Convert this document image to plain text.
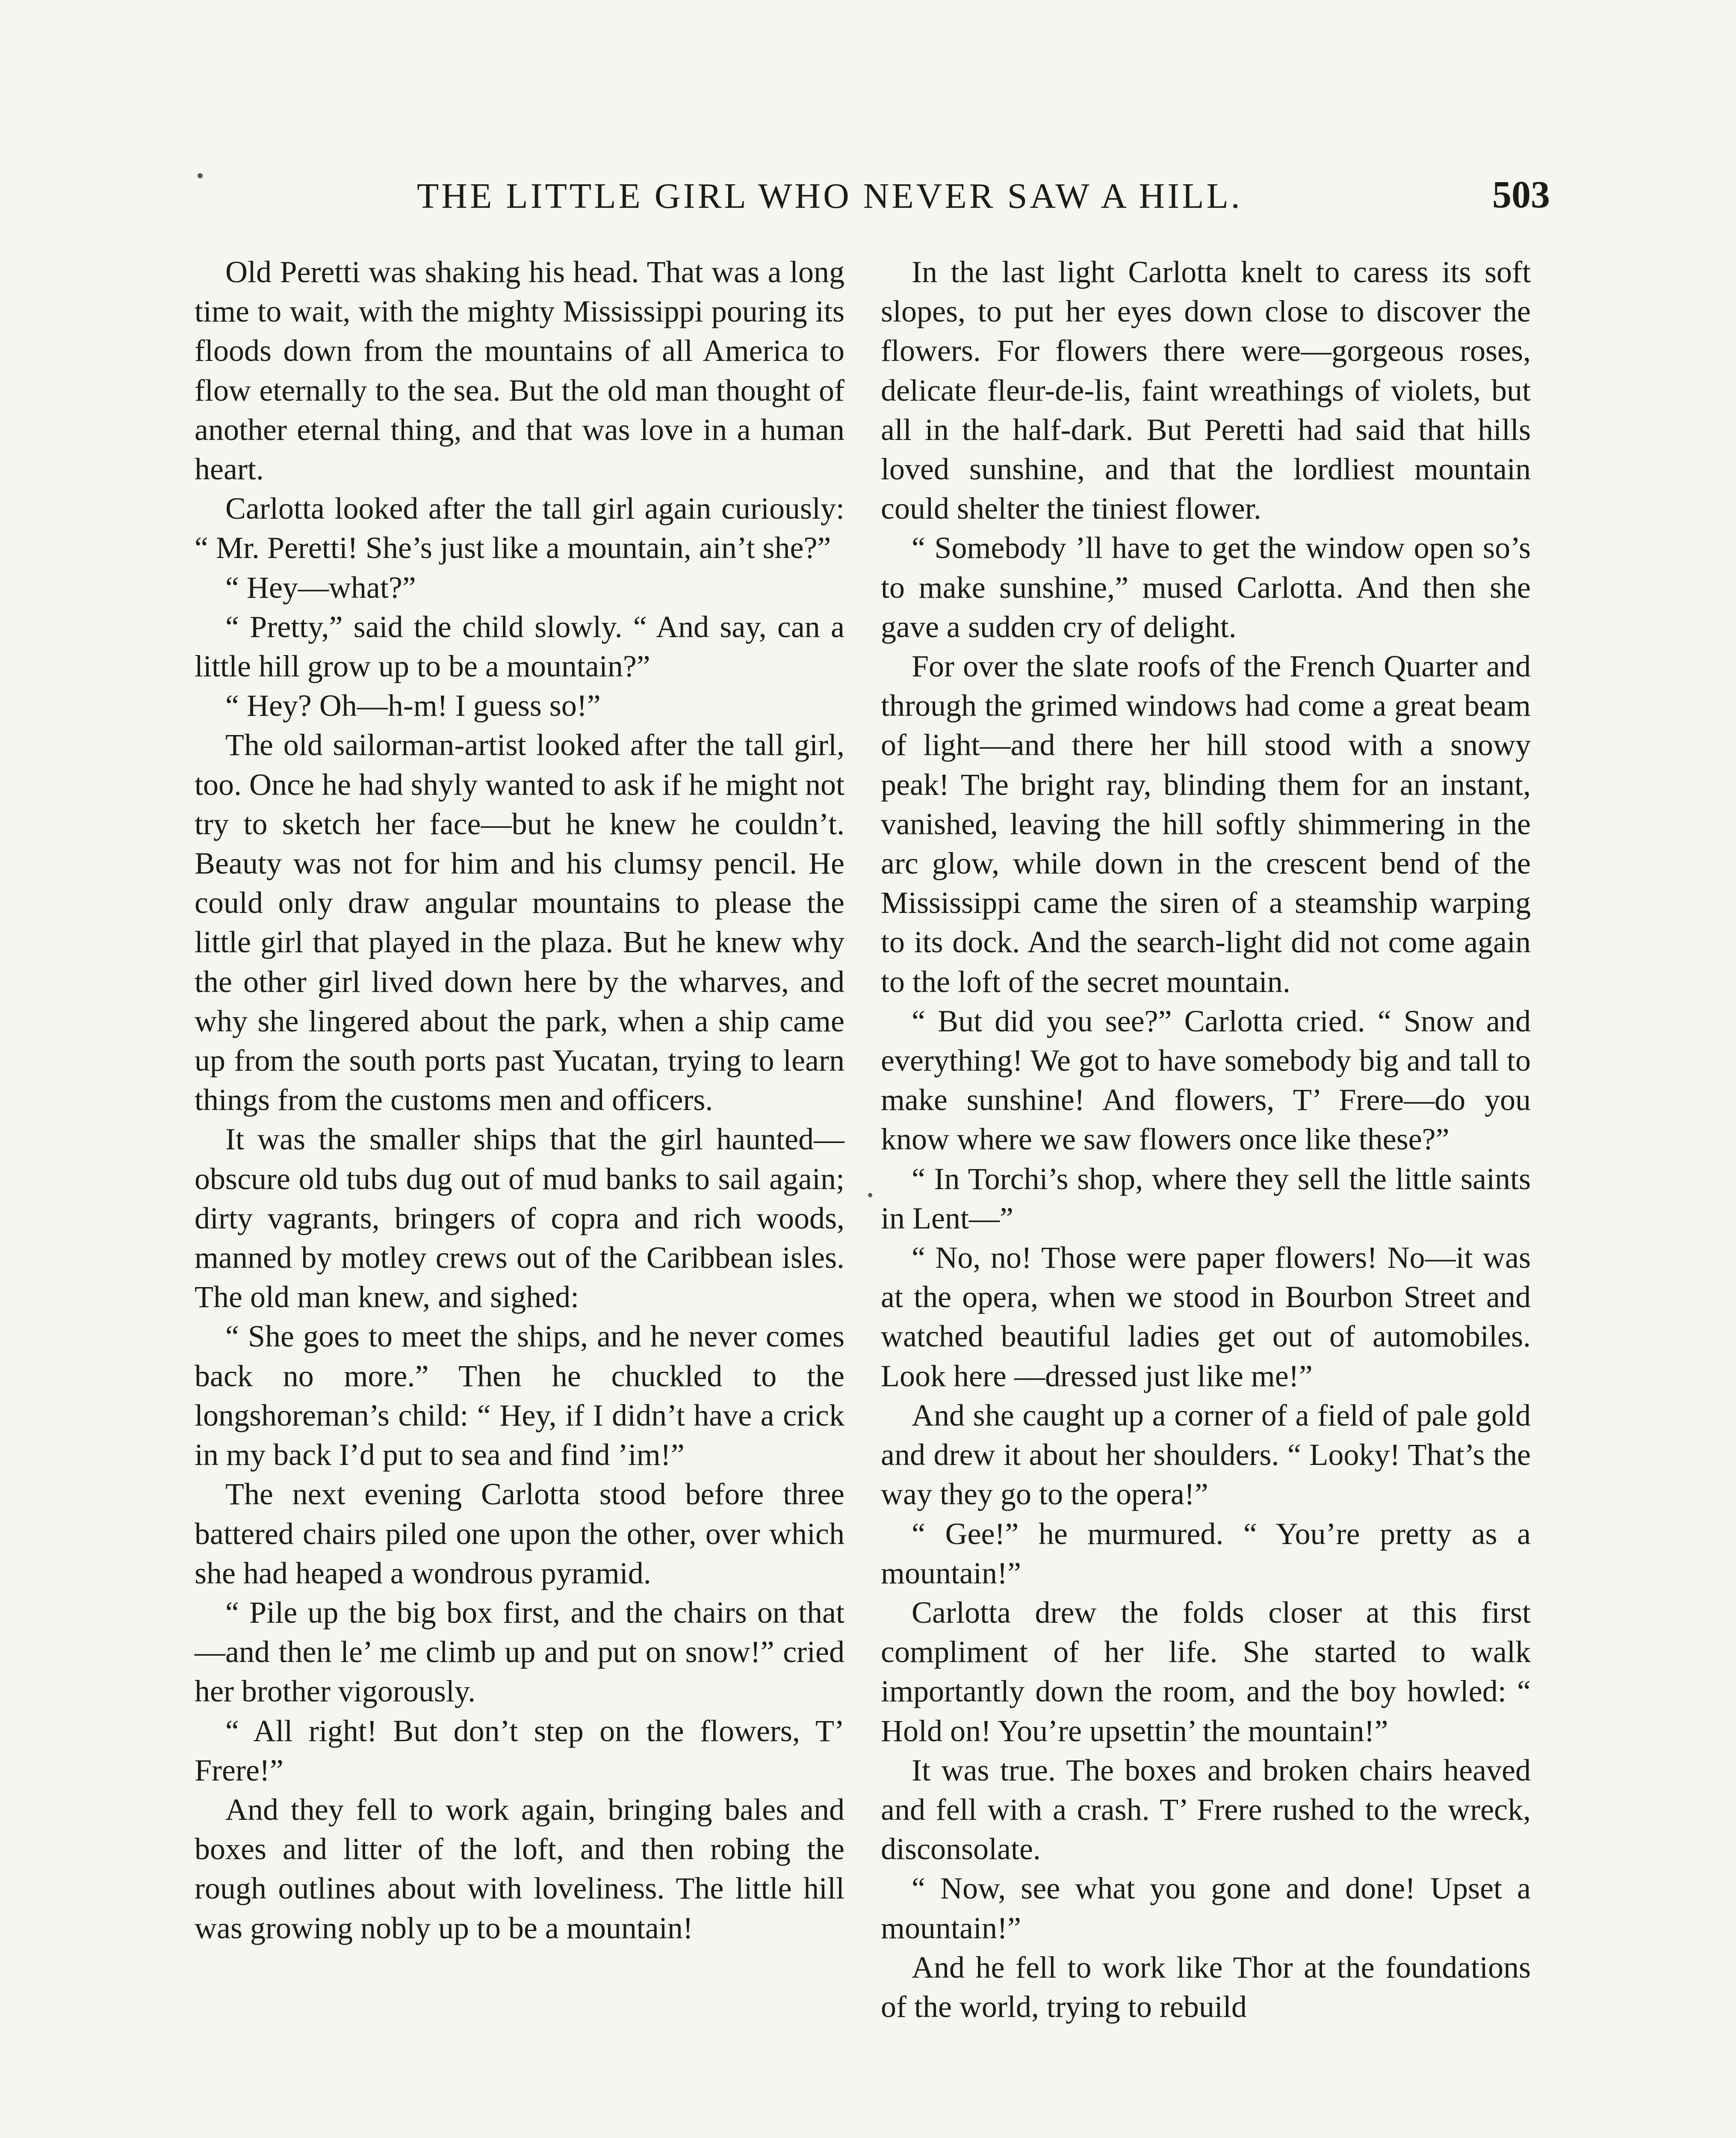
THE LITTLE GIRL WHO NEVER SAW A HILL.	503

Old Peretti was shaking his head. That was a long time to wait, with the mighty Mississippi pouring its floods down from the mountains of all America to flow eternally to the sea. But the old man thought of another eternal thing, and that was love in a human heart.

Carlotta looked after the tall girl again curiously: “ Mr. Peretti! She’s just like a mountain, ain’t she?”

“ Hey—what?”

“ Pretty,” said the child slowly. “ And say, can a little hill grow up to be a mountain?”

“ Hey? Oh—h-m! I guess so!”

The old sailorman-artist looked after the tall girl, too. Once he had shyly wanted to ask if he might not try to sketch her face—but he knew he couldn’t. Beauty was not for him and his clumsy pencil. He could only draw angular mountains to please the little girl that played in the plaza. But he knew why the other girl lived down here by the wharves, and why she lingered about the park, when a ship came up from the south ports past Yucatan, trying to learn things from the customs men and officers.

It was the smaller ships that the girl haunted—obscure old tubs dug out of mud banks to sail again; dirty vagrants, bringers of copra and rich woods, manned by motley crews out of the Caribbean isles. The old man knew, and sighed:

“ She goes to meet the ships, and he never comes back no more.” Then he chuckled to the longshoreman’s child: “ Hey, if I didn’t have a crick in my back I’d put to sea and find ’im!”

The next evening Carlotta stood before three battered chairs piled one upon the other, over which she had heaped a wondrous pyramid.

“ Pile up the big box first, and the chairs on that—and then le’ me climb up and put on snow!” cried her brother vigorously.

“ All right! But don’t step on the flowers, T’ Frere!”

And they fell to work again, bringing bales and boxes and litter of the loft, and then robing the rough outlines about with loveliness. The little hill was growing nobly up to be a mountain!

In the last light Carlotta knelt to caress its soft slopes, to put her eyes down close to discover the flowers. For flowers there were—gorgeous roses, delicate fleur-de-lis, faint wreathings of violets, but all in the half-dark. But Peretti had said that hills loved sunshine, and that the lordliest mountain could shelter the tiniest flower.

“ Somebody ’ll have to get the window open so’s to make sunshine,” mused Carlotta. And then she gave a sudden cry of delight.

For over the slate roofs of the French Quarter and through the grimed windows had come a great beam of light—and there her hill stood with a snowy peak! The bright ray, blinding them for an instant, vanished, leaving the hill softly shimmering in the arc glow, while down in the crescent bend of the Mississippi came the siren of a steamship warping to its dock. And the search-light did not come again to the loft of the secret mountain.

“ But did you see?” Carlotta cried. “ Snow and everything! We got to have somebody big and tall to make sunshine! And flowers, T’ Frere—do you know where we saw flowers once like these?”

“ In Torchi’s shop, where they sell the little saints in Lent—”

“ No, no! Those were paper flowers! No—it was at the opera, when we stood in Bourbon Street and watched beautiful ladies get out of automobiles. Look here —dressed just like me!”

And she caught up a corner of a field of pale gold and drew it about her shoulders. “ Looky! That’s the way they go to the opera!”

“ Gee!” he murmured. “ You’re pretty as a mountain!”

Carlotta drew the folds closer at this first compliment of her life. She started to walk importantly down the room, and the boy howled: “ Hold on! You’re upsettin’ the mountain!”

It was true. The boxes and broken chairs heaved and fell with a crash. T’ Frere rushed to the wreck, disconsolate.

“ Now, see what you gone and done! Upset a mountain!”

And he fell to work like Thor at the foundations of the world, trying to rebuild
